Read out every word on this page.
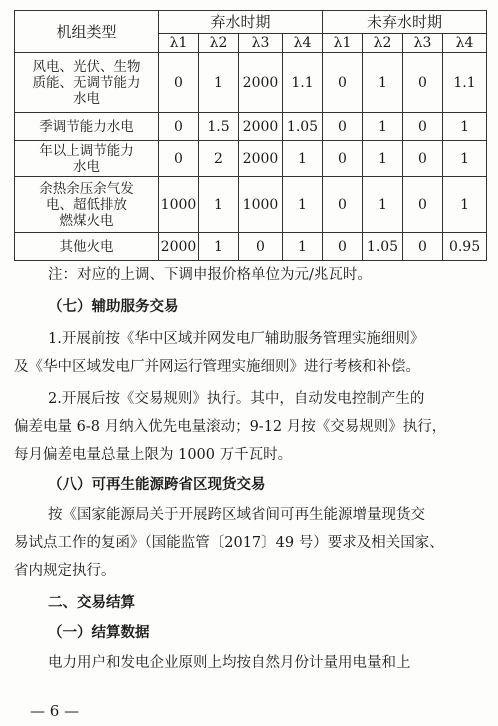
机组类型	弃水时期				未弃水时期			
	λ1	λ2	λ3	λ4	λ1	λ2	λ3	λ4

风电、光伏、生物
质能、无调节能力
水电	0	1	2000	1.1	0	1	0	1.1

季调节能力水电	0	1.5	2000	1.05	0	1	0	1

年以上调节能力
水电	0	2	2000	1	0	1	0	1

余热余压余气发
电、超低排放
燃煤火电	1000	1	1000	1	0	1	0	1

其他火电	2000	1	0	1	0	1.05	0	0.95

注：对应的上调、下调申报价格单位为元/兆瓦时。

（七）辅助服务交易

1.开展前按《华中区域并网发电厂辅助服务管理实施细则》

及《华中区域发电厂并网运行管理实施细则》进行考核和补偿。

2.开展后按《交易规则》执行。其中，自动发电控制产生的

偏差电量 6-8 月纳入优先电量滚动；9-12 月按《交易规则》执行，

每月偏差电量总量上限为 1000 万千瓦时。

（八）可再生能源跨省区现货交易

按《国家能源局关于开展跨区域省间可再生能源增量现货交

易试点工作的复函》（国能监管〔2017〕49 号）要求及相关国家、

省内规定执行。

二、交易结算

（一）结算数据

电力用户和发电企业原则上均按自然月份计量用电量和上

— 6 —
